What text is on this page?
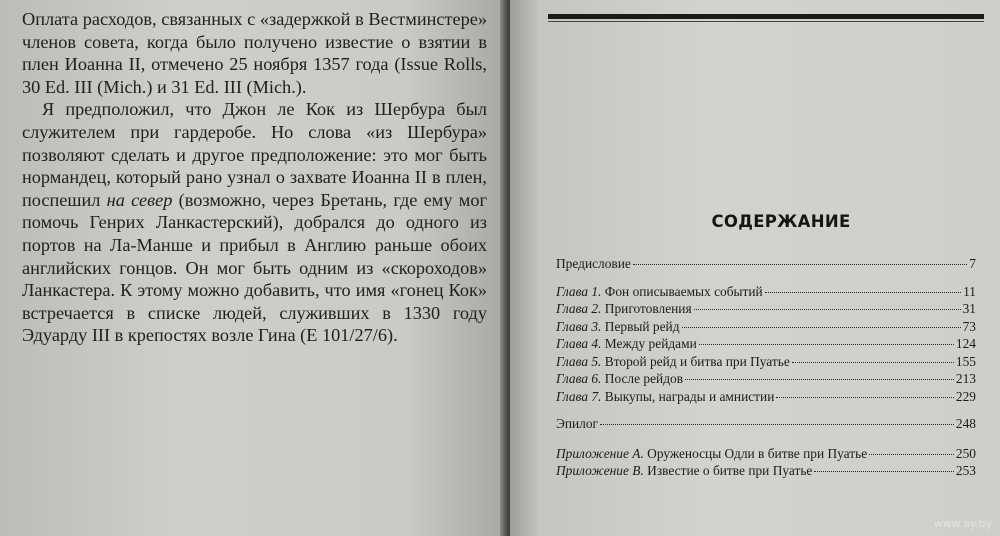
Оплата расходов, связанных с «задержкой в Вестминстере» членов совета, когда было получено известие о взятии в плен Иоанна II, отмечено 25 ноября 1357 года (Issue Rolls, 30 Ed. III (Mich.) и 31 Ed. III (Mich.).

Я предположил, что Джон ле Кок из Шербура был служителем при гардеробе. Но слова «из Шербура» позволяют сделать и другое предположение: это мог быть нормандец, который рано узнал о захвате Иоанна II в плен, поспешил на север (возможно, через Бретань, где ему мог помочь Генрих Ланкастерский), добрался до одного из портов на Ла-Манше и прибыл в Англию раньше обоих английских гонцов. Он мог быть одним из «скороходов» Ланкастера. К этому можно добавить, что имя «гонец Кок» встречается в списке людей, служивших в 1330 году Эдуарду III в крепостях возле Гина (E 101/27/6).

СОДЕРЖАНИЕ
Предисловие	7
Глава 1. Фон описываемых событий	11
Глава 2. Приготовления	31
Глава 3. Первый рейд	73
Глава 4. Между рейдами	124
Глава 5. Второй рейд и битва при Пуатье	155
Глава 6. После рейдов	213
Глава 7. Выкупы, награды и амнистии	229
Эпилог	248
Приложение А. Оруженосцы Одли в битве при Пуатье	250
Приложение В. Известие о битве при Пуатье	253
www.ay.by
